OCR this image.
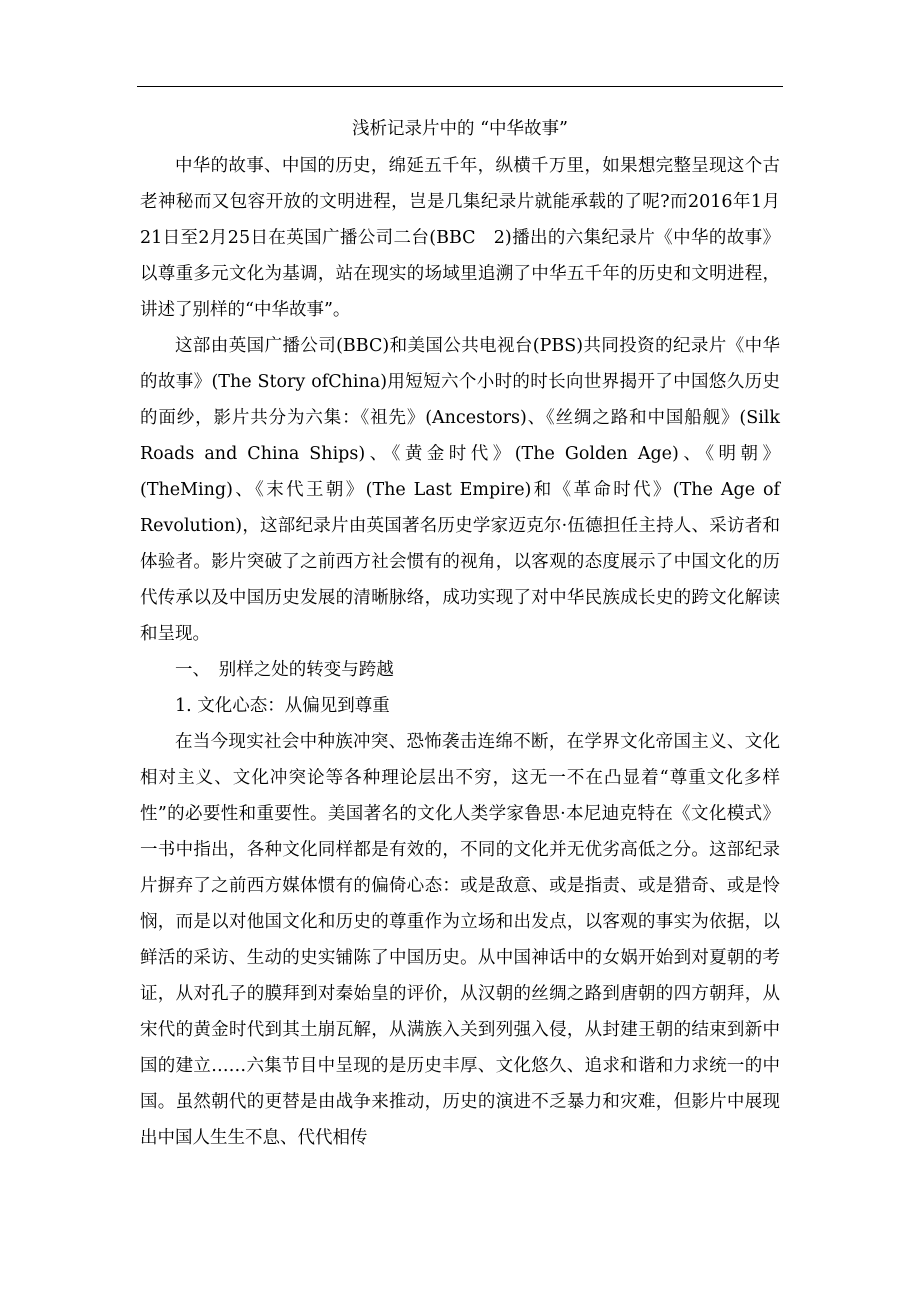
浅析记录片中的 “中华故事”

中华的故事、中国的历史，绵延五千年，纵横千万里，如果想完整呈现这个古老神秘而又包容开放的文明进程，岂是几集纪录片就能承载的了呢?而2016年1月21日至2月25日在英国广播公司二台(BBC　2)播出的六集纪录片《中华的故事》以尊重多元文化为基调，站在现实的场域里追溯了中华五千年的历史和文明进程，讲述了别样的“中华故事”。

这部由英国广播公司(BBC)和美国公共电视台(PBS)共同投资的纪录片《中华的故事》(The Story ofChina)用短短六个小时的时长向世界揭开了中国悠久历史的面纱，影片共分为六集：《祖先》(Ancestors)、《丝绸之路和中国船舰》(Silk Roads and China Ships)、《黄金时代》(The Golden Age)、《明朝》(TheMing)、《末代王朝》(The Last Empire)和《革命时代》(The Age of Revolution)，这部纪录片由英国著名历史学家迈克尔·伍德担任主持人、采访者和体验者。影片突破了之前西方社会惯有的视角，以客观的态度展示了中国文化的历代传承以及中国历史发展的清晰脉络，成功实现了对中华民族成长史的跨文化解读和呈现。

一、　别样之处的转变与跨越

1. 文化心态：从偏见到尊重

在当今现实社会中种族冲突、恐怖袭击连绵不断，在学界文化帝国主义、文化相对主义、文化冲突论等各种理论层出不穷，这无一不在凸显着“尊重文化多样性”的必要性和重要性。美国著名的文化人类学家鲁思·本尼迪克特在《文化模式》一书中指出，各种文化同样都是有效的，不同的文化并无优劣高低之分。这部纪录片摒弃了之前西方媒体惯有的偏倚心态：或是敌意、或是指责、或是猎奇、或是怜悯，而是以对他国文化和历史的尊重作为立场和出发点，以客观的事实为依据，以鲜活的采访、生动的史实铺陈了中国历史。从中国神话中的女娲开始到对夏朝的考证，从对孔子的膜拜到对秦始皇的评价，从汉朝的丝绸之路到唐朝的四方朝拜，从宋代的黄金时代到其土崩瓦解，从满族入关到列强入侵，从封建王朝的结束到新中国的建立……六集节目中呈现的是历史丰厚、文化悠久、追求和谐和力求统一的中国。虽然朝代的更替是由战争来推动，历史的演进不乏暴力和灾难，但影片中展现出中国人生生不息、代代相传
